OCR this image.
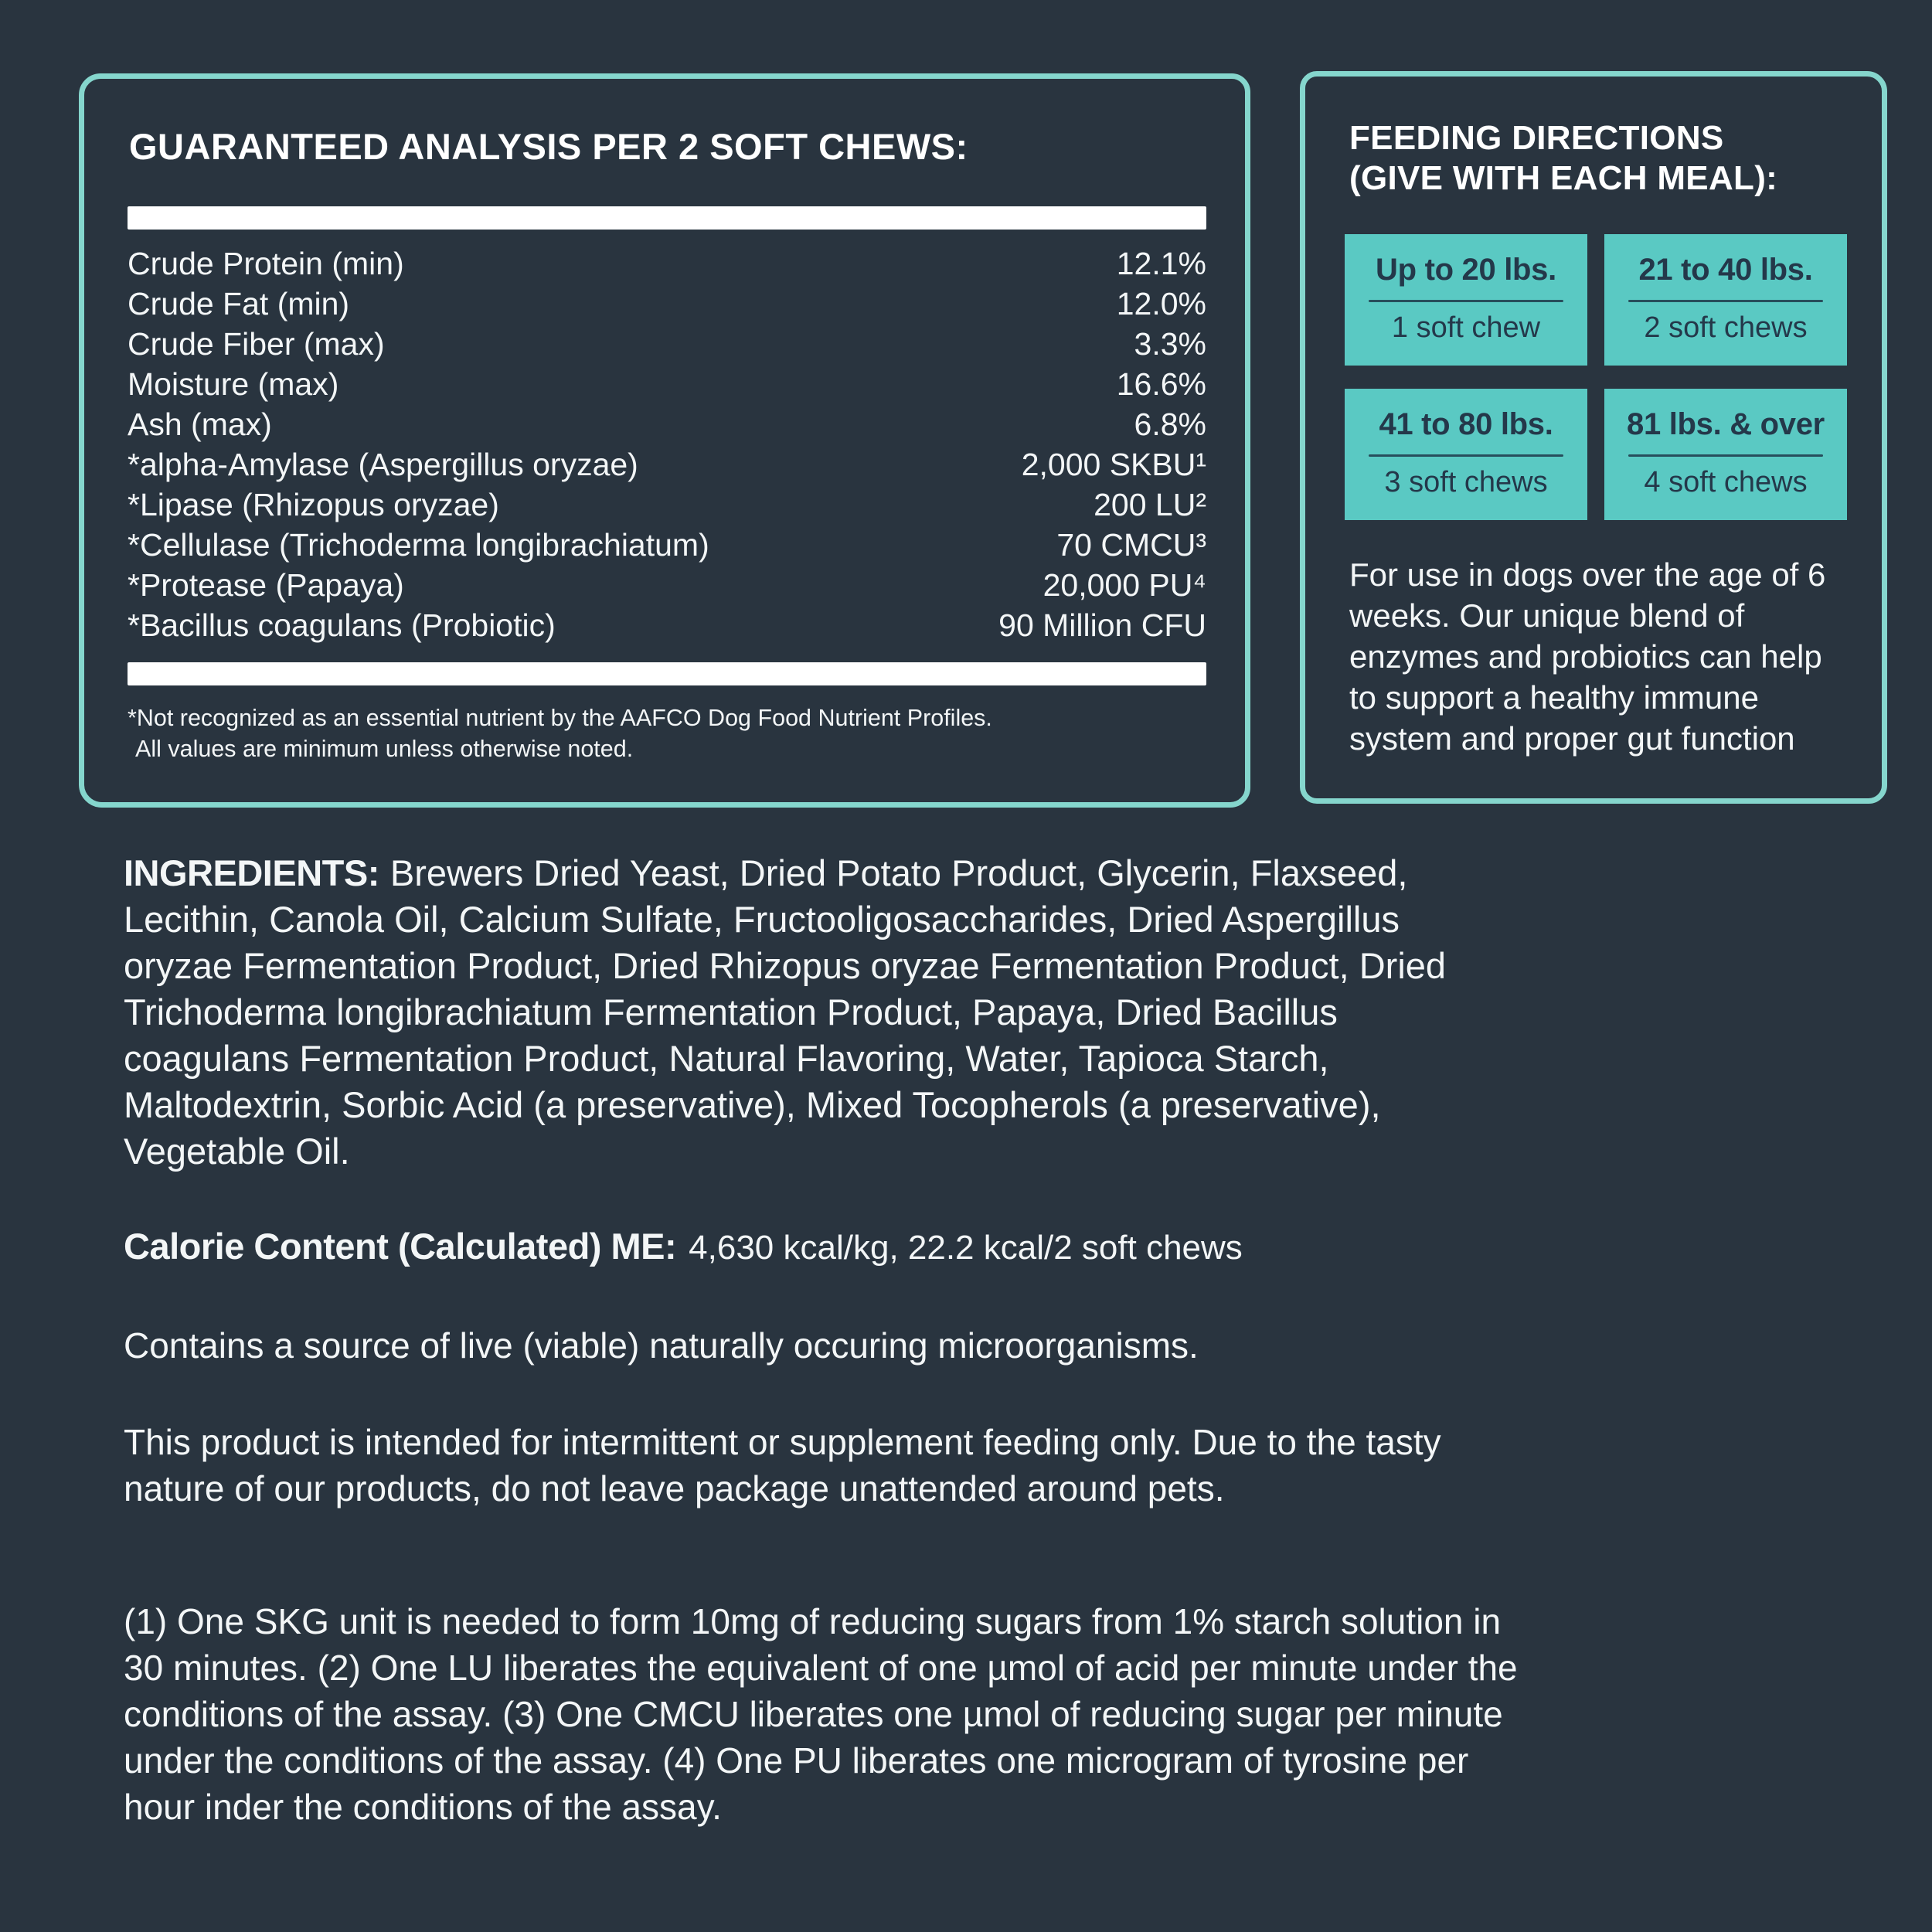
GUARANTEED ANALYSIS PER 2 SOFT CHEWS:
Crude Protein (min)	12.1%
Crude Fat (min)	12.0%
Crude Fiber (max)	3.3%
Moisture (max)	16.6%
Ash (max)	6.8%
*alpha-Amylase (Aspergillus oryzae)	2,000 SKBU¹
*Lipase (Rhizopus oryzae)	200 LU²
*Cellulase (Trichoderma longibrachiatum)	70 CMCU³
*Protease (Papaya)	20,000 PU⁴
*Bacillus coagulans (Probiotic)	90 Million CFU
*Not recognized as an essential nutrient by the AAFCO Dog Food Nutrient Profiles.
All values are minimum unless otherwise noted.
FEEDING DIRECTIONS
(GIVE WITH EACH MEAL):
Up to 20 lbs.
1 soft chew
21 to 40 lbs.
2 soft chews
41 to 80 lbs.
3 soft chews
81 lbs. & over
4 soft chews
For use in dogs over the age of 6 weeks. Our unique blend of enzymes and probiotics can help to support a healthy immune system and proper gut function
INGREDIENTS: Brewers Dried Yeast, Dried Potato Product, Glycerin, Flaxseed, Lecithin, Canola Oil, Calcium Sulfate, Fructooligosaccharides, Dried Aspergillus oryzae Fermentation Product, Dried Rhizopus oryzae Fermentation Product, Dried Trichoderma longibrachiatum Fermentation Product, Papaya, Dried Bacillus coagulans Fermentation Product, Natural Flavoring, Water, Tapioca Starch, Maltodextrin, Sorbic Acid (a preservative), Mixed Tocopherols (a preservative), Vegetable Oil.
Calorie Content (Calculated) ME: 4,630 kcal/kg, 22.2 kcal/2 soft chews
Contains a source of live (viable) naturally occuring microorganisms.
This product is intended for intermittent or supplement feeding only. Due to the tasty nature of our products, do not leave package unattended around pets.
(1) One SKG unit is needed to form 10mg of reducing sugars from 1% starch solution in 30 minutes. (2) One LU liberates the equivalent of one µmol of acid per minute under the conditions of the assay. (3) One CMCU liberates one µmol of reducing sugar per minute under the conditions of the assay. (4) One PU liberates one microgram of tyrosine per hour inder the conditions of the assay.
